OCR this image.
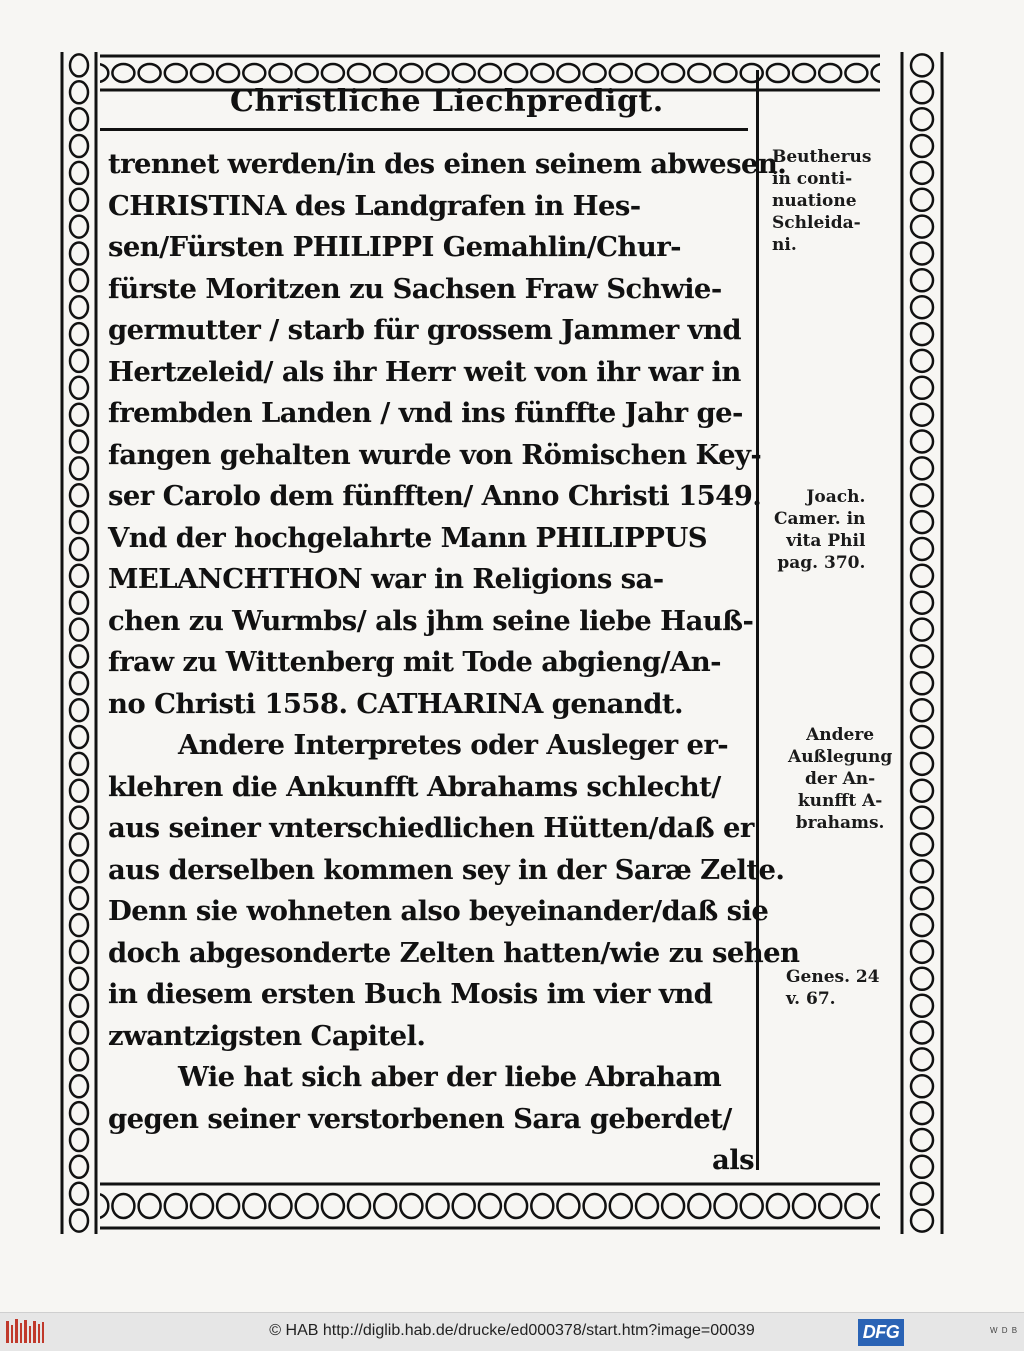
Christliche Liechpredigt.
trennet werden/in des einen seinem abwesen.
CHRISTINA des Landgrafen in Hes-
sen/Fürsten PHILIPPI Gemahlin/Chur-
fürste Moritzen zu Sachsen Fraw Schwie-
germutter / starb für grossem Jammer vnd
Hertzeleid/ als ihr Herr weit von ihr war in
frembden Landen / vnd ins fünffte Jahr ge-
fangen gehalten wurde von Römischen Key-
ser Carolo dem fünfften/ Anno Christi 1549.
Vnd der hochgelahrte Mann PHILIPPUS
MELANCHTHON war in Religions sa-
chen zu Wurmbs/ als jhm seine liebe Hauß-
fraw zu Wittenberg mit Tode abgieng/An-
no Christi 1558. CATHARINA genandt.
Andere Interpretes oder Ausleger er-
klehren die Ankunfft Abrahams schlecht/
aus seiner vnterschiedlichen Hütten/daß er
aus derselben kommen sey in der Saræ Zelte.
Denn sie wohneten also beyeinander/daß sie
doch abgesonderte Zelten hatten/wie zu sehen
in diesem ersten Buch Mosis im vier vnd
zwantzigsten Capitel.
Wie hat sich aber der liebe Abraham
gegen seiner verstorbenen Sara geberdet/
als
Beutherus
in conti-
nuatione
Schleida-
ni.
Joach.
Camer. in
vita Phil
pag. 370.
Andere
Außlegung
der An-
kunfft A-
brahams.
Genes. 24
v. 67.
© HAB http://diglib.hab.de/drucke/ed000378/start.htm?image=00039	DFG	W D B
